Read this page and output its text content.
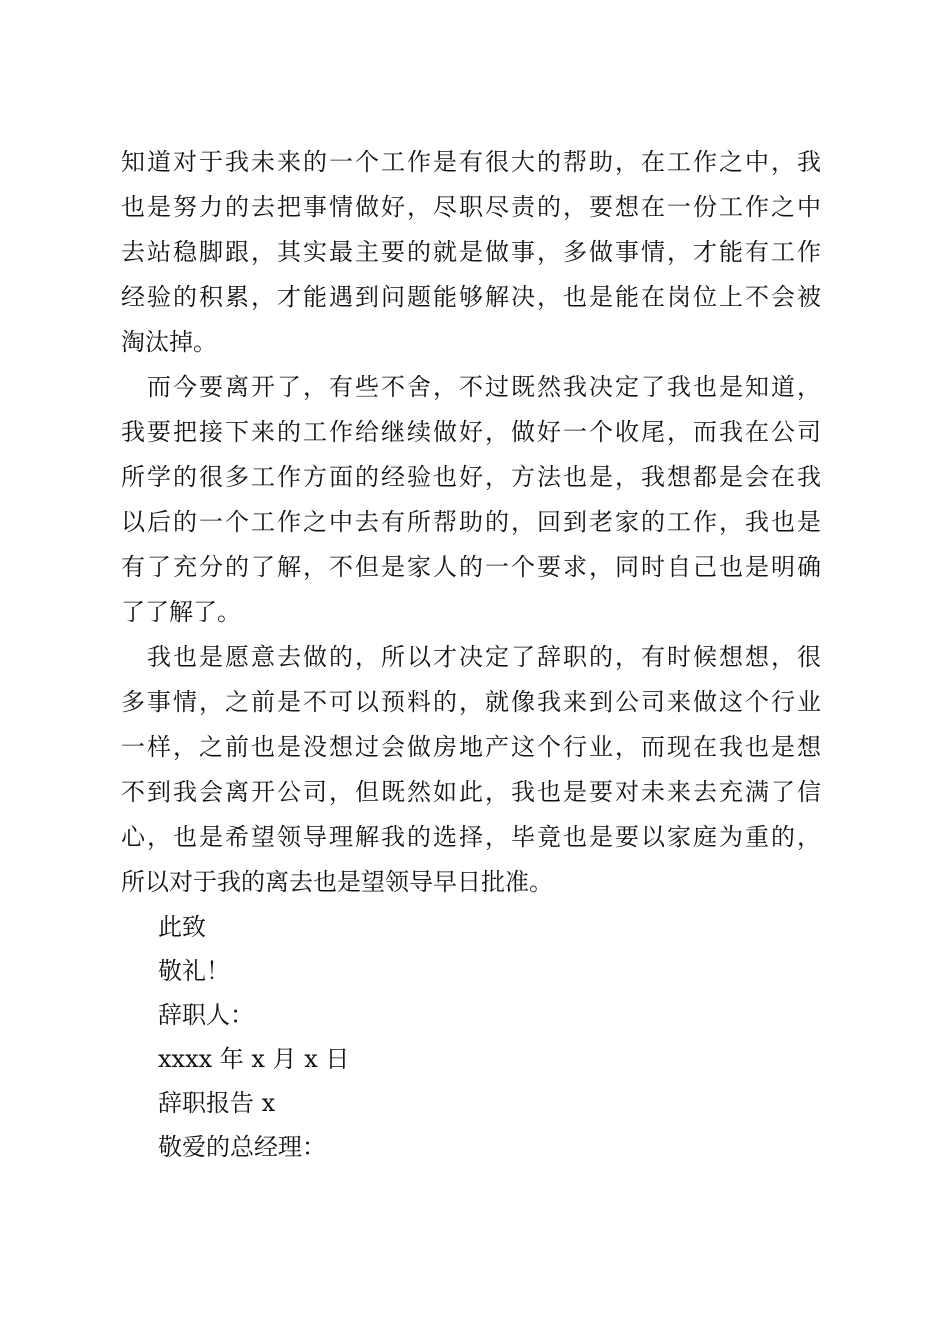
知道对于我未来的一个工作是有很大的帮助，在工作之中，我
也是努力的去把事情做好，尽职尽责的，要想在一份工作之中
去站稳脚跟，其实最主要的就是做事，多做事情，才能有工作
经验的积累，才能遇到问题能够解决，也是能在岗位上不会被
淘汰掉。
　而今要离开了，有些不舍，不过既然我决定了我也是知道，
我要把接下来的工作给继续做好，做好一个收尾，而我在公司
所学的很多工作方面的经验也好，方法也是，我想都是会在我
以后的一个工作之中去有所帮助的，回到老家的工作，我也是
有了充分的了解，不但是家人的一个要求，同时自己也是明确
了了解了。
　我也是愿意去做的，所以才决定了辞职的，有时候想想，很
多事情，之前是不可以预料的，就像我来到公司来做这个行业
一样，之前也是没想过会做房地产这个行业，而现在我也是想
不到我会离开公司，但既然如此，我也是要对未来去充满了信
心，也是希望领导理解我的选择，毕竟也是要以家庭为重的，
所以对于我的离去也是望领导早日批准。
此致
敬礼！
辞职人：
xxxx 年 x 月 x 日
辞职报告 x
敬爱的总经理：
